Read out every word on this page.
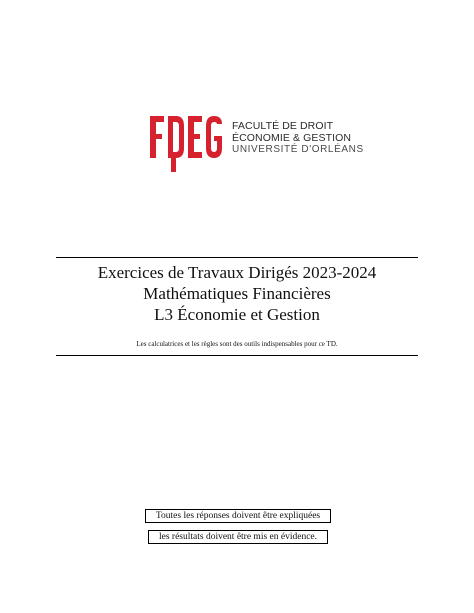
FACULTÉ DE DROIT
ÉCONOMIE & GESTION
UNIVERSITÉ D'ORLÉANS
Exercices de Travaux Dirigés 2023-2024
Mathématiques Financières
L3 Économie et Gestion
Les calculatrices et les règles sont des outils indispensables pour ce TD.
Toutes les réponses doivent être expliquées
les résultats doivent être mis en évidence.
